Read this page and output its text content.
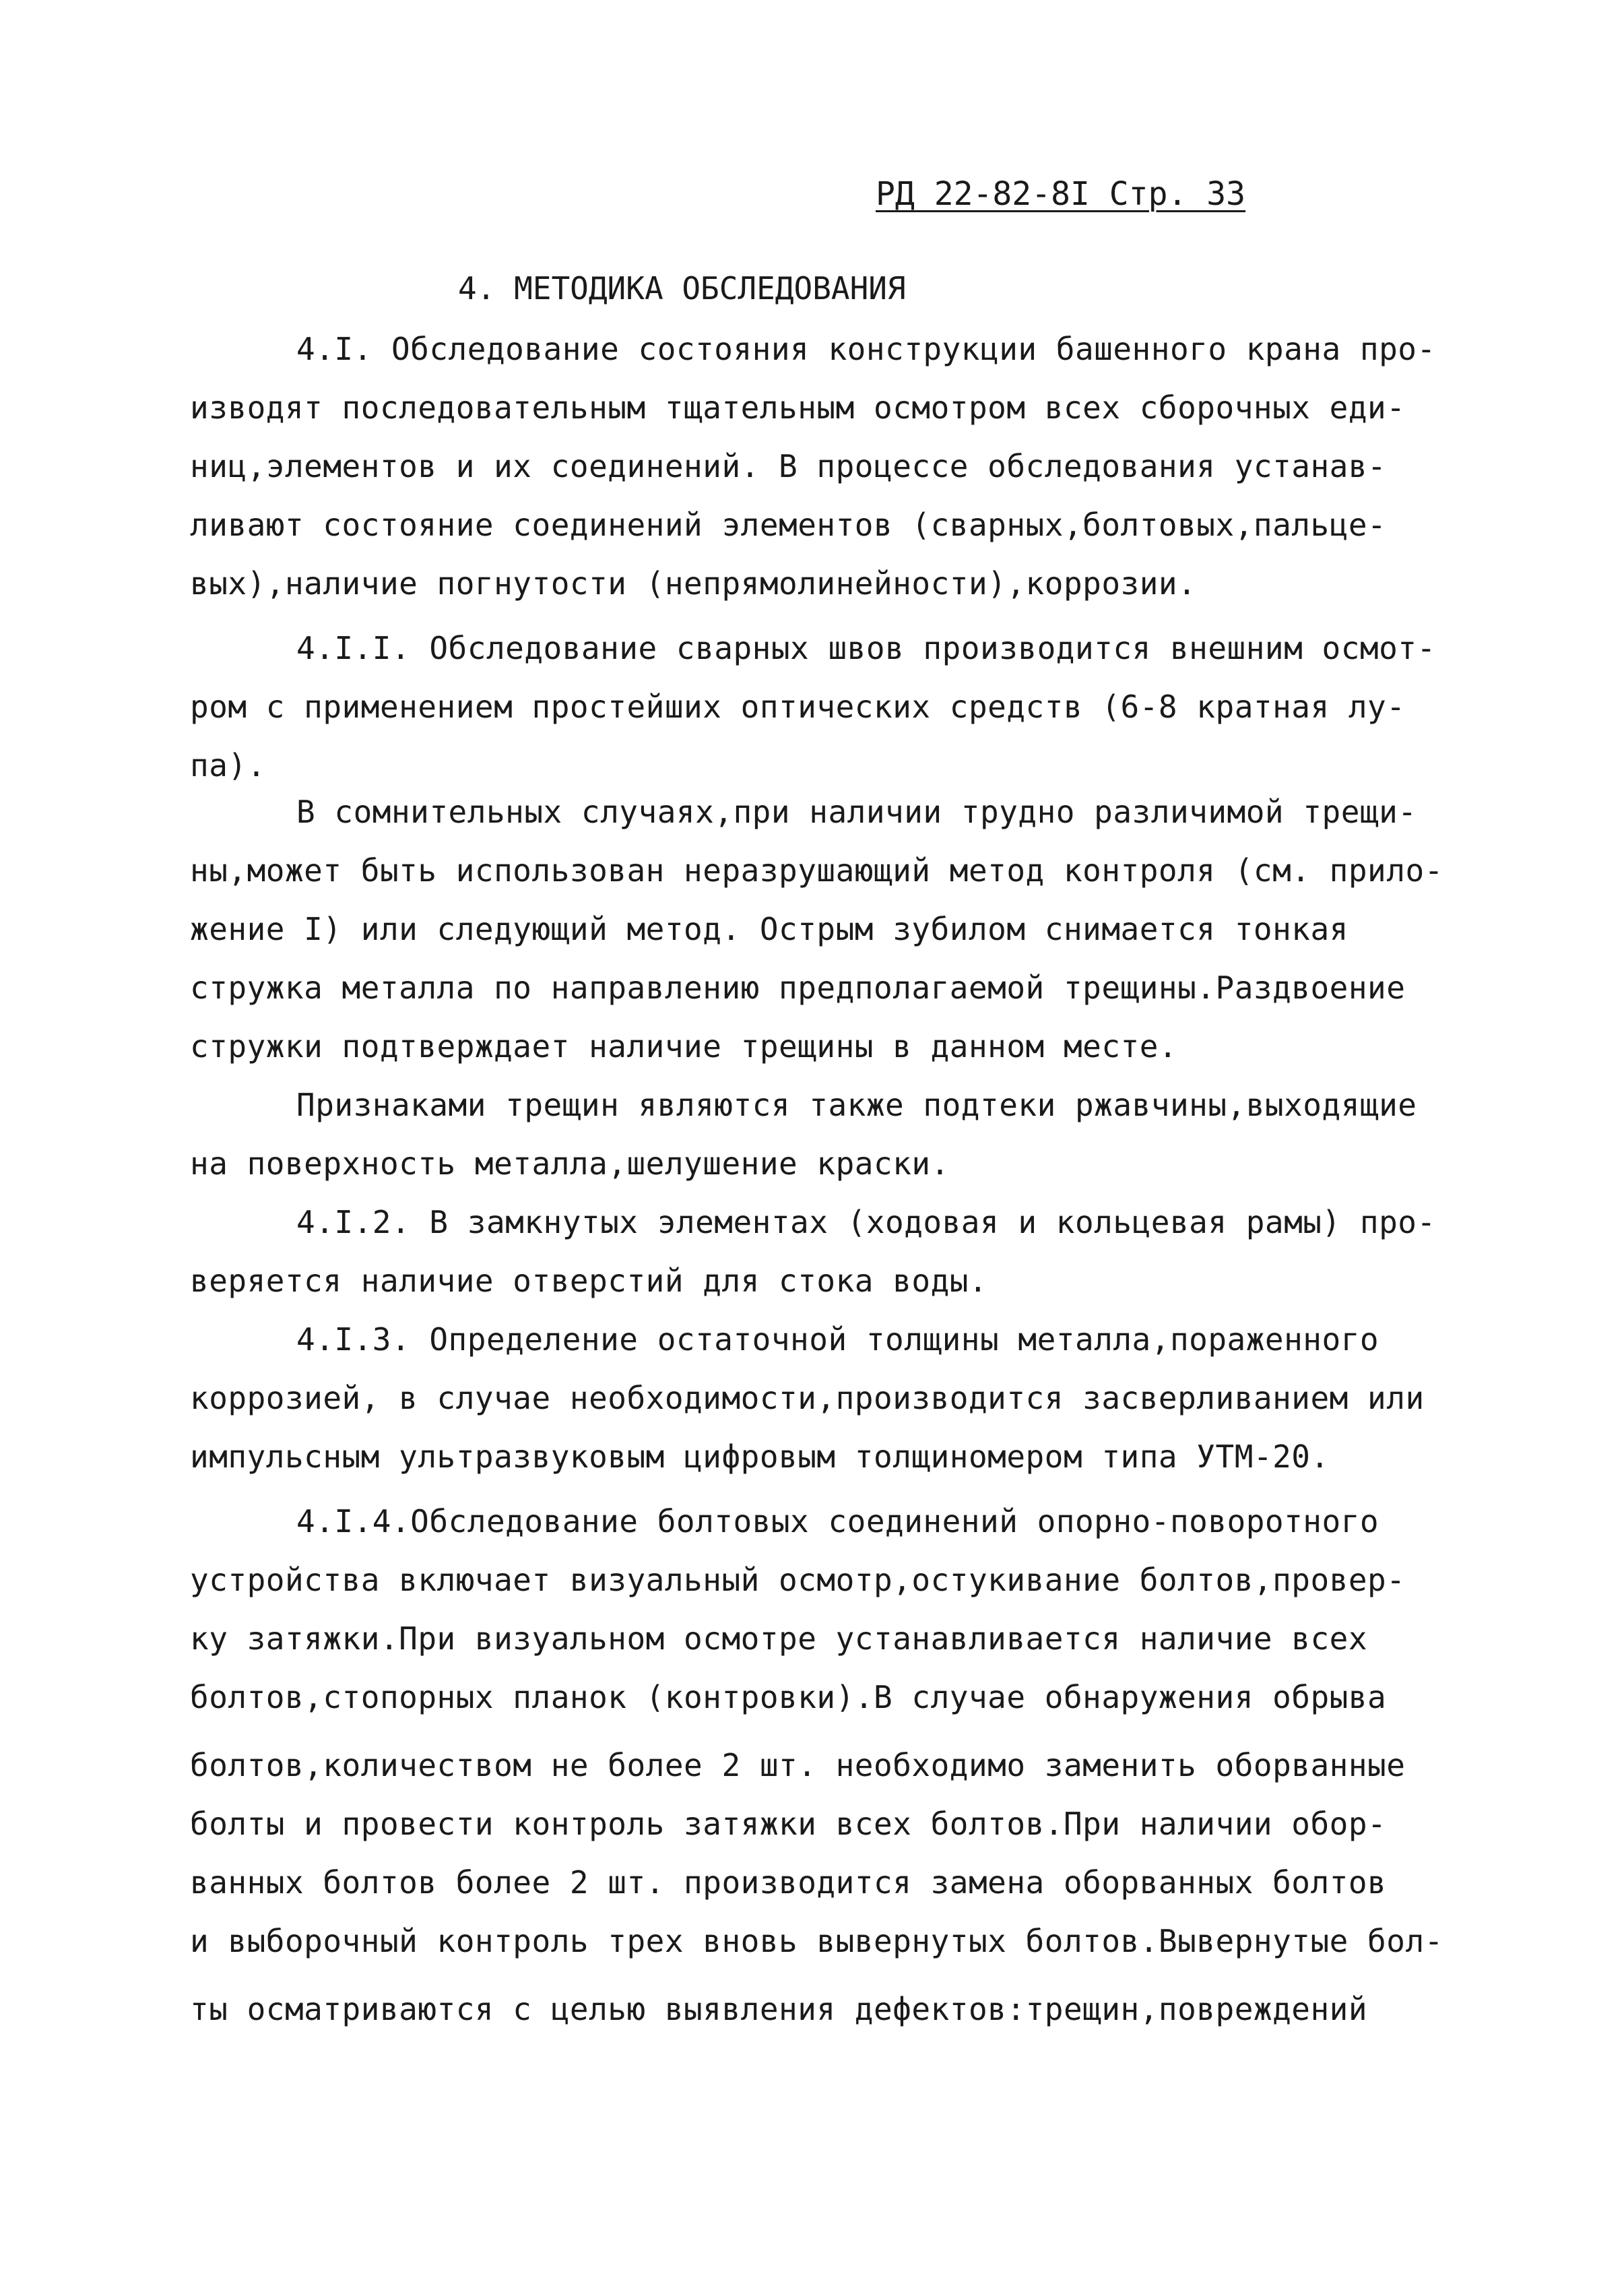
РД 22-82-8I Стр. 33
4. МЕТОДИКА ОБСЛЕДОВАНИЯ
4.I. Обследование состояния конструкции башенного крана про-
изводят последовательным тщательным осмотром всех сборочных еди-
ниц,элементов и их соединений. В процессе обследования устанав-
ливают состояние соединений элементов (сварных,болтовых,пальце-
вых),наличие погнутости (непрямолинейности),коррозии.
4.I.I. Обследование сварных швов производится внешним осмот-
ром с применением простейших оптических средств (6-8 кратная лу-
па).
В сомнительных случаях,при наличии трудно различимой трещи-
ны,может быть использован неразрушающий метод контроля (см. прило-
жение I) или следующий метод. Острым зубилом снимается тонкая
стружка металла по направлению предполагаемой трещины.Раздвоение
стружки подтверждает наличие трещины в данном месте.
Признаками трещин являются также подтеки ржавчины,выходящие
на поверхность металла,шелушение краски.
4.I.2. В замкнутых элементах (ходовая и кольцевая рамы) про-
веряется наличие отверстий для стока воды.
4.I.3. Определение остаточной толщины металла,пораженного
коррозией, в случае необходимости,производится засверливанием или
импульсным ультразвуковым цифровым толщиномером типа УТМ-20.
4.I.4.Обследование болтовых соединений опорно-поворотного
устройства включает визуальный осмотр,остукивание болтов,провер-
ку затяжки.При визуальном осмотре устанавливается наличие всех
болтов,стопорных планок (контровки).В случае обнаружения обрыва
болтов,количеством не более 2 шт. необходимо заменить оборванные
болты и провести контроль затяжки всех болтов.При наличии обор-
ванных болтов более 2 шт. производится замена оборванных болтов
и выборочный контроль трех вновь вывернутых болтов.Вывернутые бол-
ты осматриваются с целью выявления дефектов:трещин,повреждений
